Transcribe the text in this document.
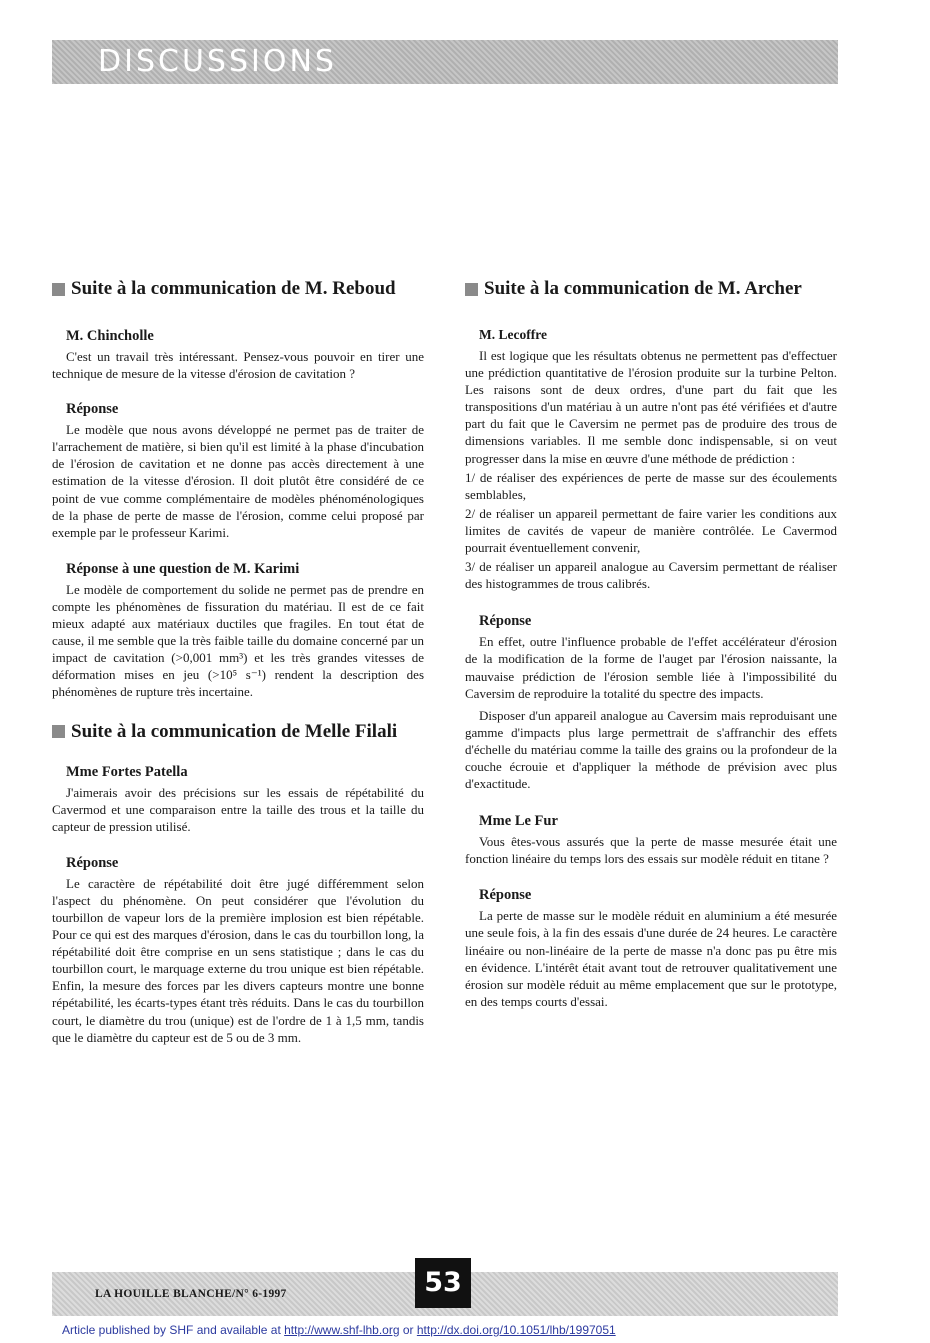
DISCUSSIONS
Suite à la communication de M. Reboud
M. Chincholle

C'est un travail très intéressant. Pensez-vous pouvoir en tirer une technique de mesure de la vitesse d'érosion de cavitation ?

Réponse

Le modèle que nous avons développé ne permet pas de traiter de l'arrachement de matière, si bien qu'il est limité à la phase d'incubation de l'érosion de cavitation et ne donne pas accès directement à une estimation de la vitesse d'érosion. Il doit plutôt être considéré de ce point de vue comme complémentaire de modèles phénoménologiques de la phase de perte de masse de l'érosion, comme celui proposé par exemple par le professeur Karimi.

Réponse à une question de M. Karimi

Le modèle de comportement du solide ne permet pas de prendre en compte les phénomènes de fissuration du matériau. Il est de ce fait mieux adapté aux matériaux ductiles que fragiles. En tout état de cause, il me semble que la très faible taille du domaine concerné par un impact de cavitation (>0,001 mm³) et les très grandes vitesses de déformation mises en jeu (>10⁵ s⁻¹) rendent la description des phénomènes de rupture très incertaine.

Suite à la communication de Melle Filali
Mme Fortes Patella

J'aimerais avoir des précisions sur les essais de répétabilité du Cavermod et une comparaison entre la taille des trous et la taille du capteur de pression utilisé.

Réponse

Le caractère de répétabilité doit être jugé différemment selon l'aspect du phénomène. On peut considérer que l'évolution du tourbillon de vapeur lors de la première implosion est bien répétable. Pour ce qui est des marques d'érosion, dans le cas du tourbillon long, la répétabilité doit être comprise en un sens statistique ; dans le cas du tourbillon court, le marquage externe du trou unique est bien répétable. Enfin, la mesure des forces par les divers capteurs montre une bonne répétabilité, les écarts-types étant très réduits. Dans le cas du tourbillon court, le diamètre du trou (unique) est de l'ordre de 1 à 1,5 mm, tandis que le diamètre du capteur est de 5 ou de 3 mm.

Suite à la communication de M. Archer
M. Lecoffre

Il est logique que les résultats obtenus ne permettent pas d'effectuer une prédiction quantitative de l'érosion produite sur la turbine Pelton. Les raisons sont de deux ordres, d'une part du fait que les transpositions d'un matériau à un autre n'ont pas été vérifiées et d'autre part du fait que le Caversim ne permet pas de produire des trous de dimensions variables. Il me semble donc indispensable, si on veut progresser dans la mise en œuvre d'une méthode de prédiction :

1/ de réaliser des expériences de perte de masse sur des écoulements semblables,

2/ de réaliser un appareil permettant de faire varier les conditions aux limites de cavités de vapeur de manière contrôlée. Le Cavermod pourrait éventuellement convenir,

3/ de réaliser un appareil analogue au Caversim permettant de réaliser des histogrammes de trous calibrés.

Réponse

En effet, outre l'influence probable de l'effet accélérateur d'érosion de la modification de la forme de l'auget par l'érosion naissante, la mauvaise prédiction de l'érosion semble liée à l'impossibilité du Caversim de reproduire la totalité du spectre des impacts.

Disposer d'un appareil analogue au Caversim mais reproduisant une gamme d'impacts plus large permettrait de s'affranchir des effets d'échelle du matériau comme la taille des grains ou la profondeur de la couche écrouie et d'appliquer la méthode de prévision avec plus d'exactitude.

Mme Le Fur

Vous êtes-vous assurés que la perte de masse mesurée était une fonction linéaire du temps lors des essais sur modèle réduit en titane ?

Réponse

La perte de masse sur le modèle réduit en aluminium a été mesurée une seule fois, à la fin des essais d'une durée de 24 heures. Le caractère linéaire ou non-linéaire de la perte de masse n'a donc pas pu être mis en évidence. L'intérêt était avant tout de retrouver qualitativement une érosion sur modèle réduit au même emplacement que sur le prototype, en des temps courts d'essai.

LA HOUILLE BLANCHE/N° 6-1997	53
Article published by SHF and available at http://www.shf-lhb.org or http://dx.doi.org/10.1051/lhb/1997051
